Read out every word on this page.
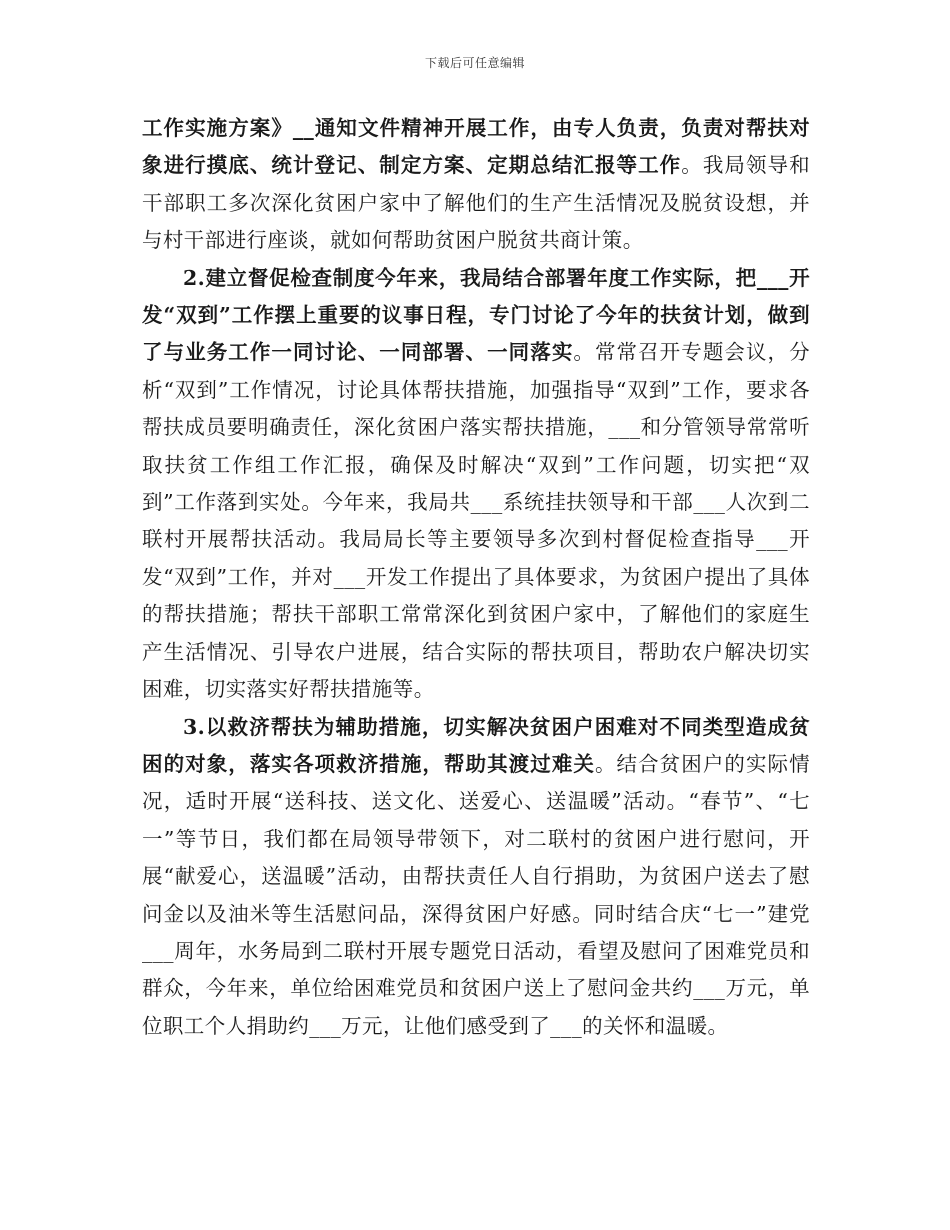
下载后可任意编辑

工作实施方案》__通知文件精神开展工作，由专人负责，负责对帮扶对象进行摸底、统计登记、制定方案、定期总结汇报等工作。我局领导和干部职工多次深化贫困户家中了解他们的生产生活情况及脱贫设想，并与村干部进行座谈，就如何帮助贫困户脱贫共商计策。

2.建立督促检查制度今年来，我局结合部署年度工作实际，把___开发“双到”工作摆上重要的议事日程，专门讨论了今年的扶贫计划，做到了与业务工作一同讨论、一同部署、一同落实。常常召开专题会议，分析“双到”工作情况，讨论具体帮扶措施，加强指导“双到”工作，要求各帮扶成员要明确责任，深化贫困户落实帮扶措施，___和分管领导常常听取扶贫工作组工作汇报，确保及时解决“双到”工作问题，切实把“双到”工作落到实处。今年来，我局共___系统挂扶领导和干部___人次到二联村开展帮扶活动。我局局长等主要领导多次到村督促检查指导___开发“双到”工作，并对___开发工作提出了具体要求，为贫困户提出了具体的帮扶措施；帮扶干部职工常常深化到贫困户家中，了解他们的家庭生产生活情况、引导农户进展，结合实际的帮扶项目，帮助农户解决切实困难，切实落实好帮扶措施等。

3.以救济帮扶为辅助措施，切实解决贫困户困难对不同类型造成贫困的对象，落实各项救济措施，帮助其渡过难关。结合贫困户的实际情况，适时开展“送科技、送文化、送爱心、送温暖”活动。“春节”、“七一”等节日，我们都在局领导带领下，对二联村的贫困户进行慰问，开展“献爱心，送温暖”活动，由帮扶责任人自行捐助，为贫困户送去了慰问金以及油米等生活慰问品，深得贫困户好感。同时结合庆“七一”建党___周年，水务局到二联村开展专题党日活动，看望及慰问了困难党员和群众，今年来，单位给困难党员和贫困户送上了慰问金共约___万元，单位职工个人捐助约___万元，让他们感受到了___的关怀和温暖。
